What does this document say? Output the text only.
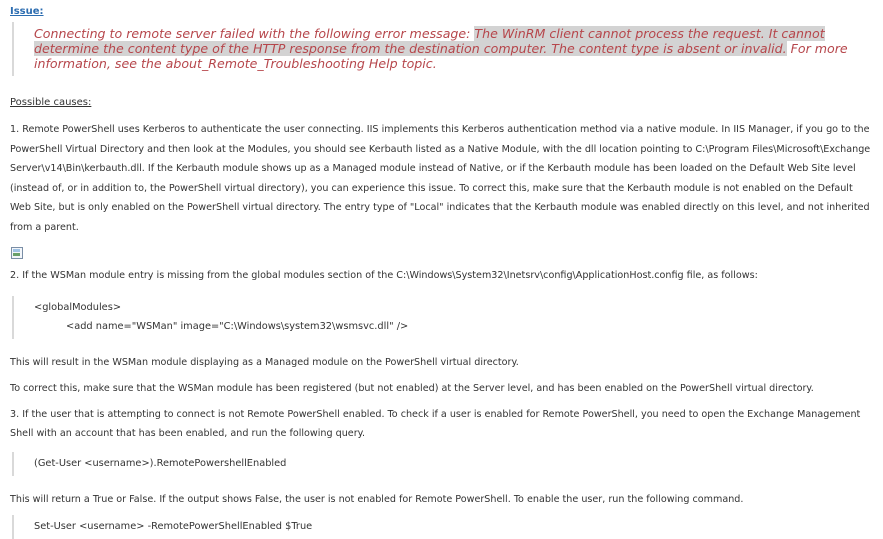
Issue:
Connecting to remote server failed with the following error message: The WinRM client cannot process the request. It cannot determine the content type of the HTTP response from the destination computer. The content type is absent or invalid. For more information, see the about_Remote_Troubleshooting Help topic.
Possible causes:

1. Remote PowerShell uses Kerberos to authenticate the user connecting. IIS implements this Kerberos authentication method via a native module. In IIS Manager, if you go to the PowerShell Virtual Directory and then look at the Modules, you should see Kerbauth listed as a Native Module, with the dll location pointing to C:\Program Files\Microsoft\Exchange Server\v14\Bin\kerbauth.dll. If the Kerbauth module shows up as a Managed module instead of Native, or if the Kerbauth module has been loaded on the Default Web Site level (instead of, or in addition to, the PowerShell virtual directory), you can experience this issue. To correct this, make sure that the Kerbauth module is not enabled on the Default Web Site, but is only enabled on the PowerShell virtual directory. The entry type of "Local" indicates that the Kerbauth module was enabled directly on this level, and not inherited from a parent.

2. If the WSMan module entry is missing from the global modules section of the C:\Windows\System32\Inetsrv\config\ApplicationHost.config file, as follows:

<globalModules>
<add name="WSMan" image="C:\Windows\system32\wsmsvc.dll" />

This will result in the WSMan module displaying as a Managed module on the PowerShell virtual directory.

To correct this, make sure that the WSMan module has been registered (but not enabled) at the Server level, and has been enabled on the PowerShell virtual directory.

3. If the user that is attempting to connect is not Remote PowerShell enabled. To check if a user is enabled for Remote PowerShell, you need to open the Exchange Management Shell with an account that has been enabled, and run the following query.

(Get-User <username>).RemotePowershellEnabled

This will return a True or False. If the output shows False, the user is not enabled for Remote PowerShell. To enable the user, run the following command.

Set-User <username> -RemotePowerShellEnabled $True
